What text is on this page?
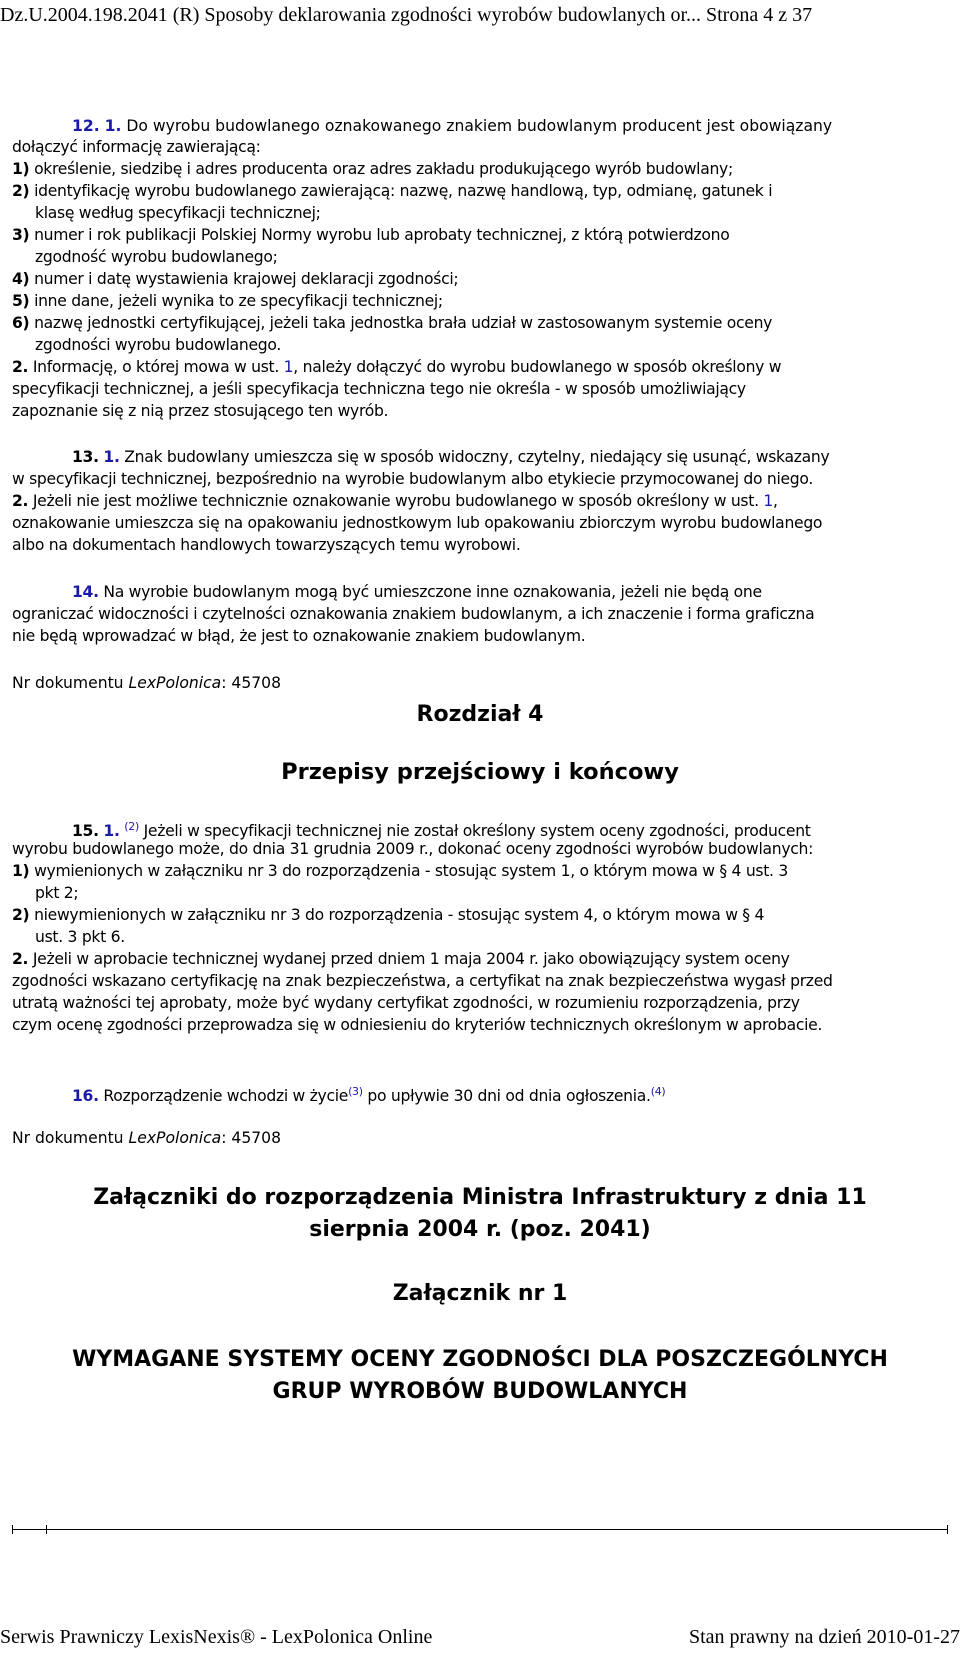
Dz.U.2004.198.2041 (R) Sposoby deklarowania zgodności wyrobów budowlanych or... Strona 4 z 37
12. 1. Do wyrobu budowlanego oznakowanego znakiem budowlanym producent jest obowiązany
dołączyć informację zawierającą:
1) określenie, siedzibę i adres producenta oraz adres zakładu produkującego wyrób budowlany;
2) identyfikację wyrobu budowlanego zawierającą: nazwę, nazwę handlową, typ, odmianę, gatunek i
klasę według specyfikacji technicznej;
3) numer i rok publikacji Polskiej Normy wyrobu lub aprobaty technicznej, z którą potwierdzono
zgodność wyrobu budowlanego;
4) numer i datę wystawienia krajowej deklaracji zgodności;
5) inne dane, jeżeli wynika to ze specyfikacji technicznej;
6) nazwę jednostki certyfikującej, jeżeli taka jednostka brała udział w zastosowanym systemie oceny
zgodności wyrobu budowlanego.
2. Informację, o której mowa w ust. 1, należy dołączyć do wyrobu budowlanego w sposób określony w
specyfikacji technicznej, a jeśli specyfikacja techniczna tego nie określa - w sposób umożliwiający
zapoznanie się z nią przez stosującego ten wyrób.
13. 1. Znak budowlany umieszcza się w sposób widoczny, czytelny, niedający się usunąć, wskazany
w specyfikacji technicznej, bezpośrednio na wyrobie budowlanym albo etykiecie przymocowanej do niego.
2. Jeżeli nie jest możliwe technicznie oznakowanie wyrobu budowlanego w sposób określony w ust. 1,
oznakowanie umieszcza się na opakowaniu jednostkowym lub opakowaniu zbiorczym wyrobu budowlanego
albo na dokumentach handlowych towarzyszących temu wyrobowi.
14. Na wyrobie budowlanym mogą być umieszczone inne oznakowania, jeżeli nie będą one
ograniczać widoczności i czytelności oznakowania znakiem budowlanym, a ich znaczenie i forma graficzna
nie będą wprowadzać w błąd, że jest to oznakowanie znakiem budowlanym.
Nr dokumentu LexPolonica: 45708
Rozdział 4
Przepisy przejściowy i końcowy
15. 1. $^{(2)}$ Jeżeli w specyfikacji technicznej nie został określony system oceny zgodności, producent
wyrobu budowlanego może, do dnia 31 grudnia 2009 r., dokonać oceny zgodności wyrobów budowlanych:
1) wymienionych w załączniku nr 3 do rozporządzenia - stosując system 1, o którym mowa w § 4 ust. 3
pkt 2;
2) niewymienionych w załączniku nr 3 do rozporządzenia - stosując system 4, o którym mowa w § 4
ust. 3 pkt 6.
2. Jeżeli w aprobacie technicznej wydanej przed dniem 1 maja 2004 r. jako obowiązujący system oceny
zgodności wskazano certyfikację na znak bezpieczeństwa, a certyfikat na znak bezpieczeństwa wygasł przed
utratą ważności tej aprobaty, może być wydany certyfikat zgodności, w rozumieniu rozporządzenia, przy
czym ocenę zgodności przeprowadza się w odniesieniu do kryteriów technicznych określonym w aprobacie.
16. Rozporządzenie wchodzi w życie$^{(3)}$ po upływie 30 dni od dnia ogłoszenia.$^{(4)}$
Nr dokumentu LexPolonica: 45708
Załączniki do rozporządzenia Ministra Infrastruktury z dnia 11
sierpnia 2004 r. (poz. 2041)
Załącznik nr 1
WYMAGANE SYSTEMY OCENY ZGODNOŚCI DLA POSZCZEGÓLNYCH
GRUP WYROBÓW BUDOWLANYCH
Serwis Prawniczy LexisNexis® - LexPolonica Online	Stan prawny na dzień 2010-01-27
